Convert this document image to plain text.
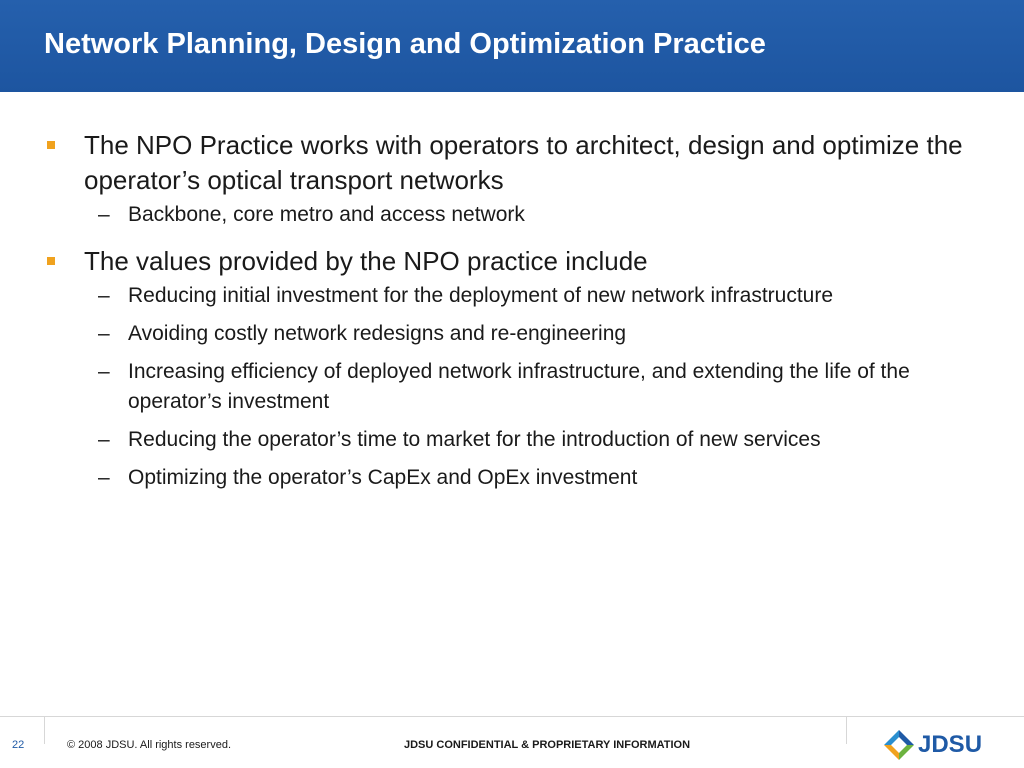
Network Planning, Design and Optimization Practice
The NPO Practice works with operators to architect, design and optimize the operator’s optical transport networks
– Backbone, core metro and access network
The values provided by the NPO practice include
– Reducing initial investment for the deployment of new network infrastructure
– Avoiding costly network redesigns and re-engineering
– Increasing efficiency of deployed network infrastructure, and extending the life of the operator’s investment
– Reducing the operator’s time to market for the introduction of new services
– Optimizing the operator’s CapEx and OpEx investment
22	© 2008 JDSU. All rights reserved.	JDSU CONFIDENTIAL & PROPRIETARY INFORMATION	JDSU
